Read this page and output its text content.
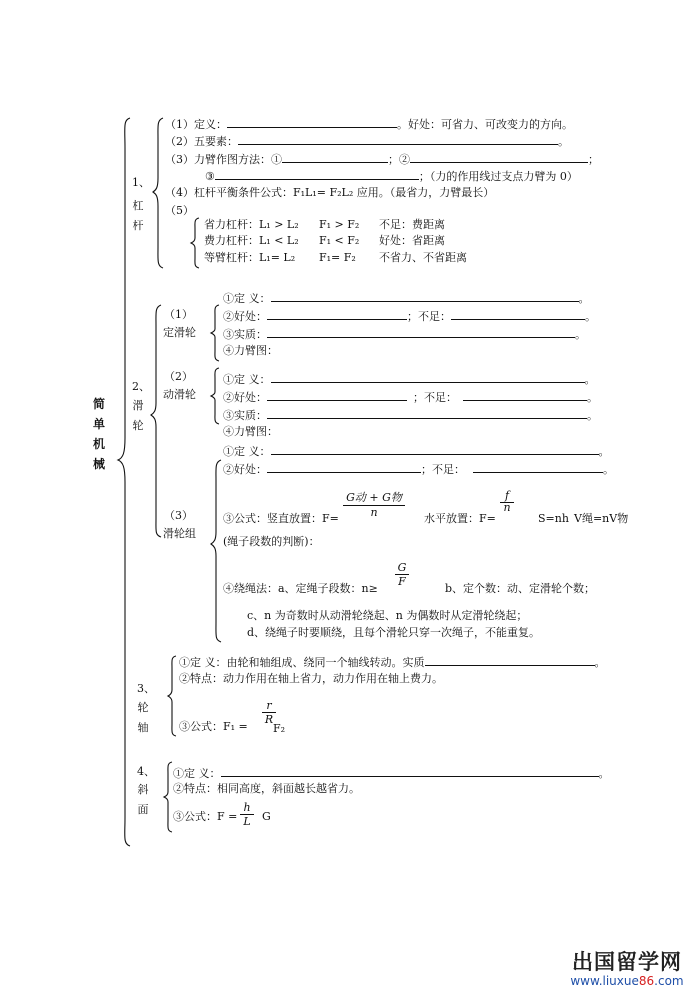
简单机械
1、
杠杆
（1）定义：	。好处：可省力、可改变力的方向。
（2）五要素：	。
（3）力臂作图方法：①	；②	；
③	；（力的作用线过支点力臂为 0）
（4）杠杆平衡条件公式：F₁L₁= F₂L₂ 应用。（最省力，力臂最长）
（5）
省力杠杆：L₁ > L₂ F₁ > F₂ 不足：费距离
费力杠杆：L₁ < L₂ F₁ < F₂ 好处：省距离
等臂杠杆：L₁= L₂ F₁= F₂ 不省力、不省距离
2、
滑轮
（1）
定滑轮
①定 义：	。
②好处：	；不足：	。
③实质：	。
④力臂图：
（2）
动滑轮
①定 义：	。
②好处：	；不足：	。
③实质：	。
④力臂图：
（3）
滑轮组
①定 义：	。
②好处：	；不足：	。
③公式：竖直放置：F=
G动 + G物
n	水平放置：F=
$\frac{f}{n}$
S=nh V绳=nV物
(绳子段数的判断)：
④绕绳法：a、定绳子段数：n≥
$\frac{G}{F}$
b、定个数：动、定滑轮个数；
c、n 为奇数时从动滑轮绕起、n 为偶数时从定滑轮绕起；
d、绕绳子时要顺绕，且每个滑轮只穿一次绳子，不能重复。
3、
轮轴
①定 义：由轮和轴组成、绕同一个轴线转动。实质	。
②特点：动力作用在轴上省力，动力作用在轴上费力。
③公式：F₁ =
$\frac{r}{R}$
F₂
4、
斜面
①定 义：	。
②特点：相同高度，斜面越长越省力。
③公式：$F = \frac{h}{L}$ G
出国留学网
www.liuxue86.com
